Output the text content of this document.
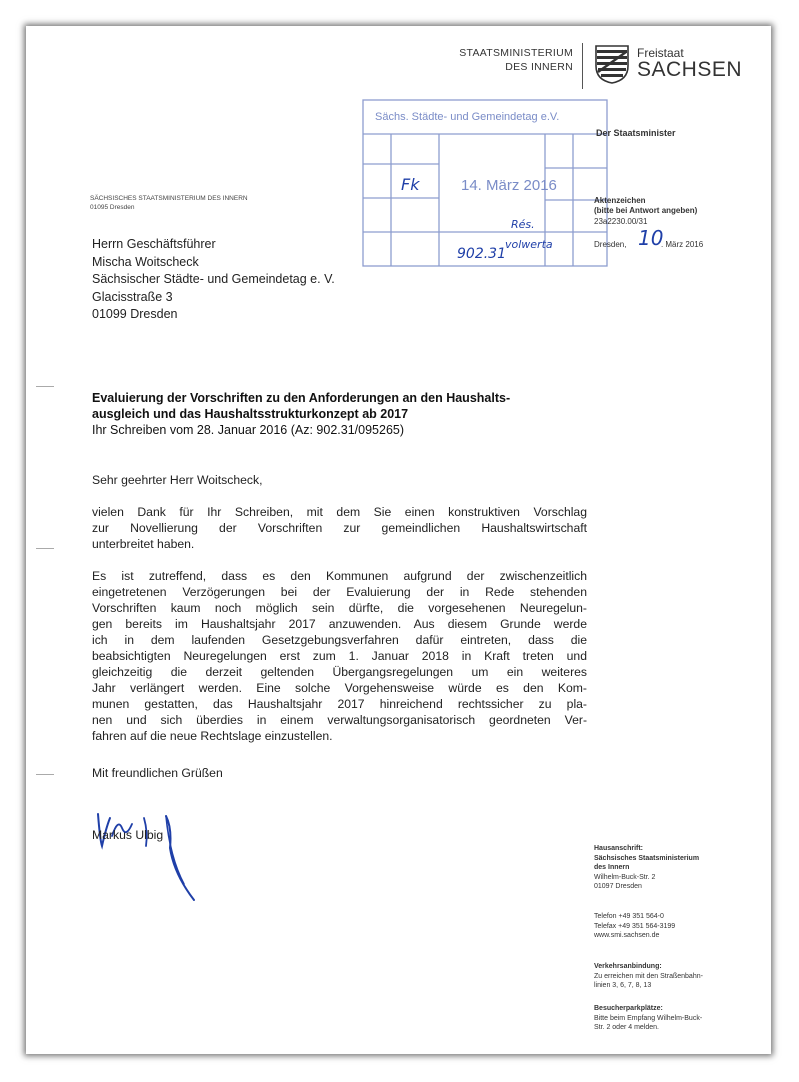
STAATSMINISTERIUM
DES INNERN
Freistaat
SACHSEN
Sächs. Städte- und Gemeindetag e.V.
14. März 2016
Fk
902.31
Rés.
volwerta
Der Staatsminister
SÄCHSISCHES STAATSMINISTERIUM DES INNERN
01095 Dresden
Aktenzeichen
(bitte bei Antwort angeben)
23a2230.00/31
Dresden,	. März 2016
10
Herrn Geschäftsführer
Mischa Woitscheck
Sächsischer Städte- und Gemeindetag e. V.
Glacisstraße 3
01099 Dresden
Evaluierung der Vorschriften zu den Anforderungen an den Haushalts-
ausgleich und das Haushaltsstrukturkonzept ab 2017
Ihr Schreiben vom 28. Januar 2016 (Az: 902.31/095265)
Sehr geehrter Herr Woitscheck,
vielen Dank für Ihr Schreiben, mit dem Sie einen konstruktiven Vorschlag
zur Novellierung der Vorschriften zur gemeindlichen Haushaltswirtschaft
unterbreitet haben.
Es ist zutreffend, dass es den Kommunen aufgrund der zwischenzeitlich
eingetretenen Verzögerungen bei der Evaluierung der in Rede stehenden
Vorschriften kaum noch möglich sein dürfte, die vorgesehenen Neuregelun-
gen bereits im Haushaltsjahr 2017 anzuwenden. Aus diesem Grunde werde
ich in dem laufenden Gesetzgebungsverfahren dafür eintreten, dass die
beabsichtigten Neuregelungen erst zum 1. Januar 2018 in Kraft treten und
gleichzeitig die derzeit geltenden Übergangsregelungen um ein weiteres
Jahr verlängert werden. Eine solche Vorgehensweise würde es den Kom-
munen gestatten, das Haushaltsjahr 2017 hinreichend rechtssicher zu pla-
nen und sich überdies in einem verwaltungsorganisatorisch geordneten Ver-
fahren auf die neue Rechtslage einzustellen.
Mit freundlichen Grüßen
Markus Ulbig
Hausanschrift:
Sächsisches Staatsministerium
des Innern
Wilhelm-Buck-Str. 2
01097 Dresden
Telefon +49 351 564-0
Telefax +49 351 564-3199
www.smi.sachsen.de
Verkehrsanbindung:
Zu erreichen mit den Straßenbahn-
linien 3, 6, 7, 8, 13
Besucherparkplätze:
Bitte beim Empfang Wilhelm-Buck-
Str. 2 oder 4 melden.
